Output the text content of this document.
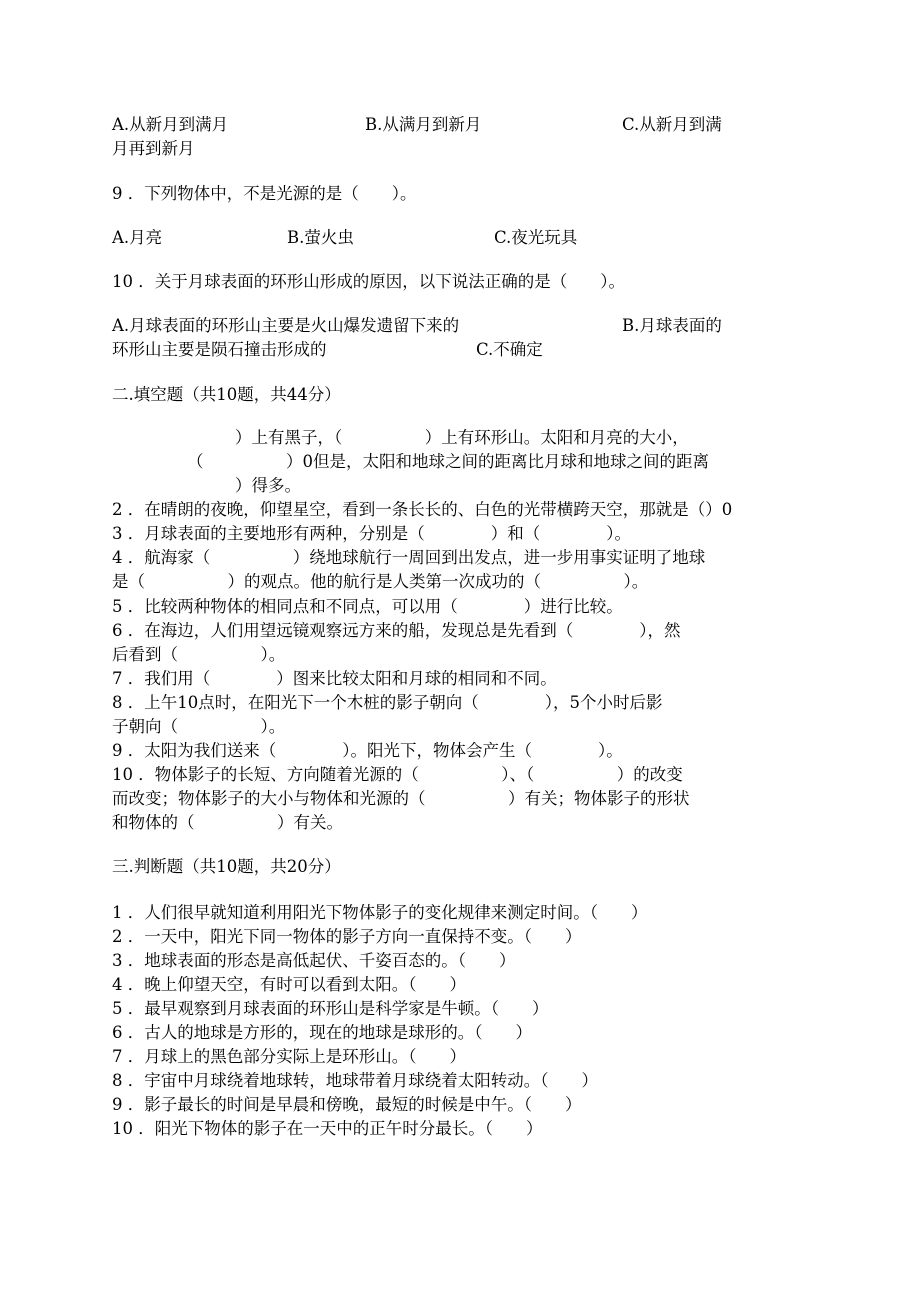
A.从新月到满月	B.从满月到新月	C.从新月到满
月再到新月
9 ．下列物体中，不是光源的是（　　）。
A.月亮	B.萤火虫	C.夜光玩具
10 ．关于月球表面的环形山形成的原因，以下说法正确的是（　　）。
A.月球表面的环形山主要是火山爆发遗留下来的	B.月球表面的
环形山主要是陨石撞击形成的	C.不确定
二.填空题（共10题，共44分）
）上有黑子，（　　　　　）上有环形山。太阳和月亮的大小，
（　　　　　）0但是，太阳和地球之间的距离比月球和地球之间的距离
）得多。
2 ．在晴朗的夜晚，仰望星空，看到一条长长的、白色的光带横跨天空，那就是（）0
3 ．月球表面的主要地形有两种，分别是（　　　　）和（　　　　）。
4 ．航海家（　　　　　）绕地球航行一周回到出发点，进一步用事实证明了地球
是（　　　　　）的观点。他的航行是人类第一次成功的（　　　　　）。
5 ．比较两种物体的相同点和不同点，可以用（　　　　）进行比较。
6 ．在海边，人们用望远镜观察远方来的船，发现总是先看到（　　　　），然
后看到（　　　　　）。
7 ．我们用（　　　　）图来比较太阳和月球的相同和不同。
8 ．上午10点时，在阳光下一个木桩的影子朝向（　　　　），5个小时后影
子朝向（　　　　　）。
9 ．太阳为我们送来（　　　　）。阳光下，物体会产生（　　　　）。
10 ．物体影子的长短、方向随着光源的（　　　　　）、（　　　　　）的改变
而改变；物体影子的大小与物体和光源的（　　　　　）有关；物体影子的形状
和物体的（　　　　　）有关。
三.判断题（共10题，共20分）
1 ．人们很早就知道利用阳光下物体影子的变化规律来测定时间。（　　）
2 ．一天中，阳光下同一物体的影子方向一直保持不变。（　　）
3 ．地球表面的形态是高低起伏、千姿百态的。（　　）
4 ．晚上仰望天空，有时可以看到太阳。（　　）
5 ．最早观察到月球表面的环形山是科学家是牛顿。（　　）
6 ．古人的地球是方形的，现在的地球是球形的。（　　）
7 ．月球上的黑色部分实际上是环形山。（　　）
8 ．宇宙中月球绕着地球转，地球带着月球绕着太阳转动。（　　）
9 ．影子最长的时间是早晨和傍晚，最短的时候是中午。（　　）
10 ．阳光下物体的影子在一天中的正午时分最长。（　　）
